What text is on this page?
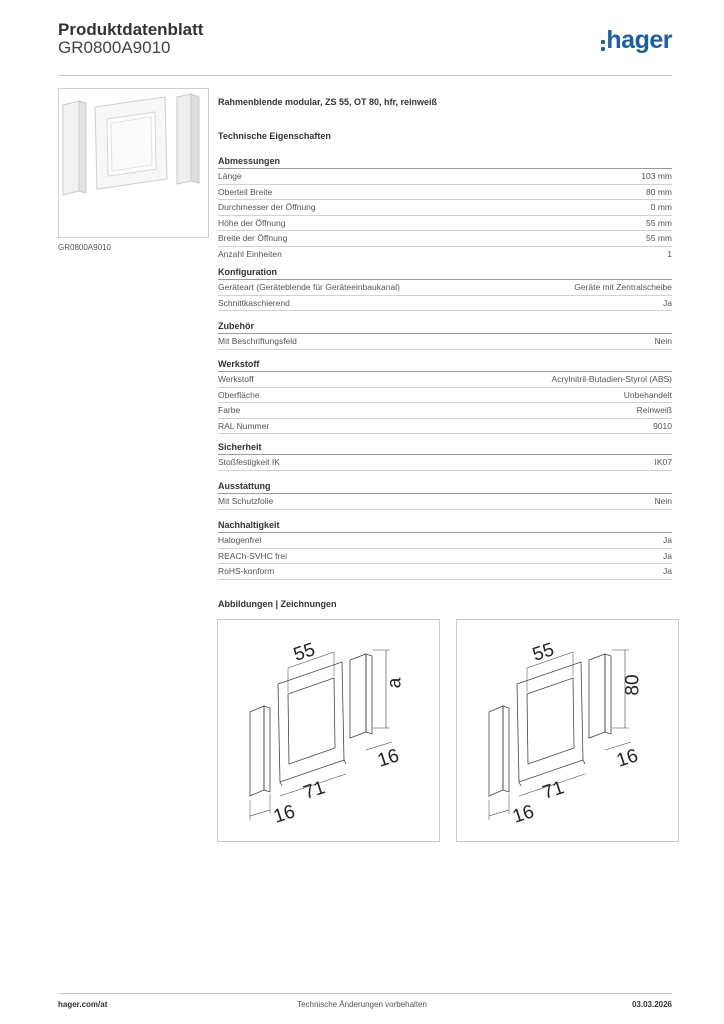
Produktdatenblatt
GR0800A9010	hager
GR0800A9010
Rahmenblende modular, ZS 55, OT 80, hfr, reinweiß
Technische Eigenschaften
Abmessungen
Länge	103 mm
Oberteil Breite	80 mm
Durchmesser der Öffnung	0 mm
Höhe der Öffnung	55 mm
Breite der Öffnung	55 mm
Anzahl Einheiten	1
Konfiguration
Geräteart (Geräteblende für Geräteeinbaukanal)	Geräte mit Zentralscheibe
Schnittkaschierend	Ja
Zubehör
Mit Beschriftungsfeld	Nein
Werkstoff
Werkstoff	Acrylnitril-Butadien-Styrol (ABS)
Oberfläche	Unbehandelt
Farbe	Reinweiß
RAL Nummer	9010
Sicherheit
Stoßfestigkeit IK	IK07
Ausstattung
Mit Schutzfolie	Nein
Nachhaltigkeit
Halogenfrei	Ja
REACh-SVHC frei	Ja
RoHS-konform	Ja
Abbildungen | Zeichnungen
55
a
16
71
16
55
80
16
71
16
hager.com/at	Technische Änderungen vorbehalten	03.03.2026
